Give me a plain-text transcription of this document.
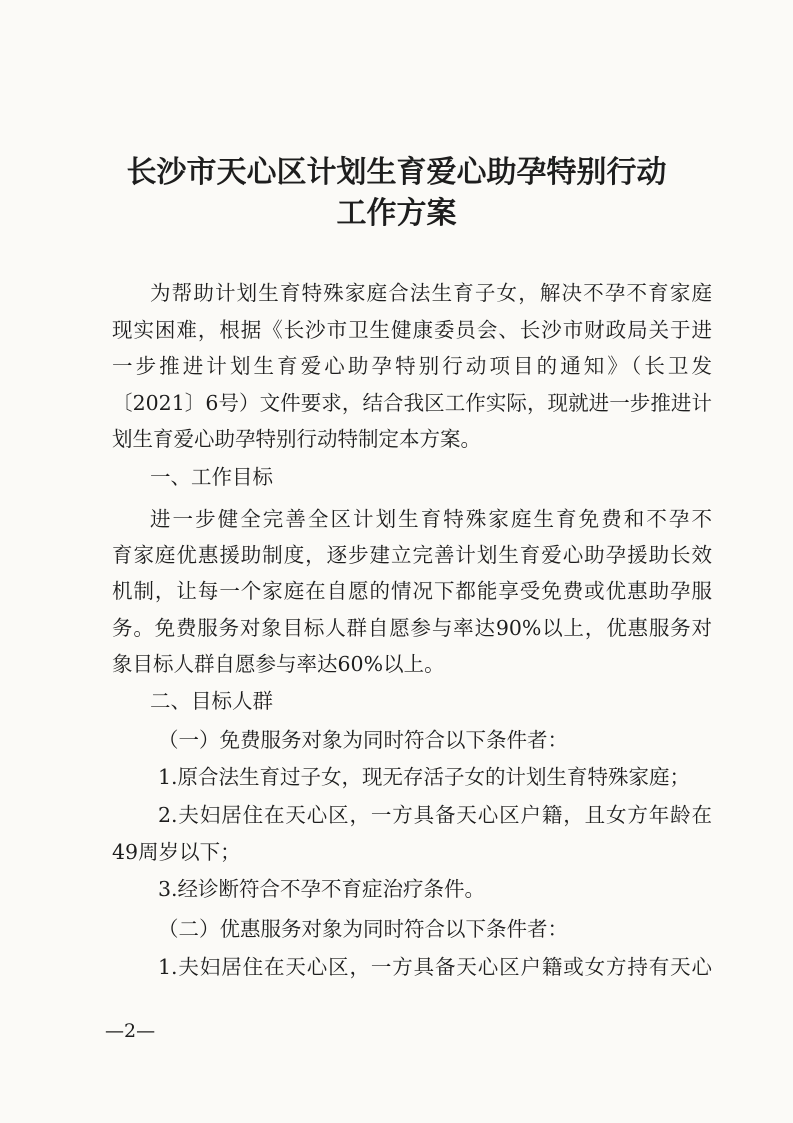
长沙市天心区计划生育爱心助孕特别行动
工作方案
为帮助计划生育特殊家庭合法生育子女，解决不孕不育家庭
现实困难，根据《长沙市卫生健康委员会、长沙市财政局关于进
一步推进计划生育爱心助孕特别行动项目的通知》（长卫发
〔2021〕6号）文件要求，结合我区工作实际，现就进一步推进计
划生育爱心助孕特别行动特制定本方案。
一、工作目标
进一步健全完善全区计划生育特殊家庭生育免费和不孕不
育家庭优惠援助制度，逐步建立完善计划生育爱心助孕援助长效
机制，让每一个家庭在自愿的情况下都能享受免费或优惠助孕服
务。免费服务对象目标人群自愿参与率达90%以上，优惠服务对
象目标人群自愿参与率达60%以上。
二、目标人群
（一）免费服务对象为同时符合以下条件者：
1.原合法生育过子女，现无存活子女的计划生育特殊家庭；
2.夫妇居住在天心区，一方具备天心区户籍，且女方年龄在
49周岁以下；
3.经诊断符合不孕不育症治疗条件。
（二）优惠服务对象为同时符合以下条件者：
1.夫妇居住在天心区，一方具备天心区户籍或女方持有天心
—2—
